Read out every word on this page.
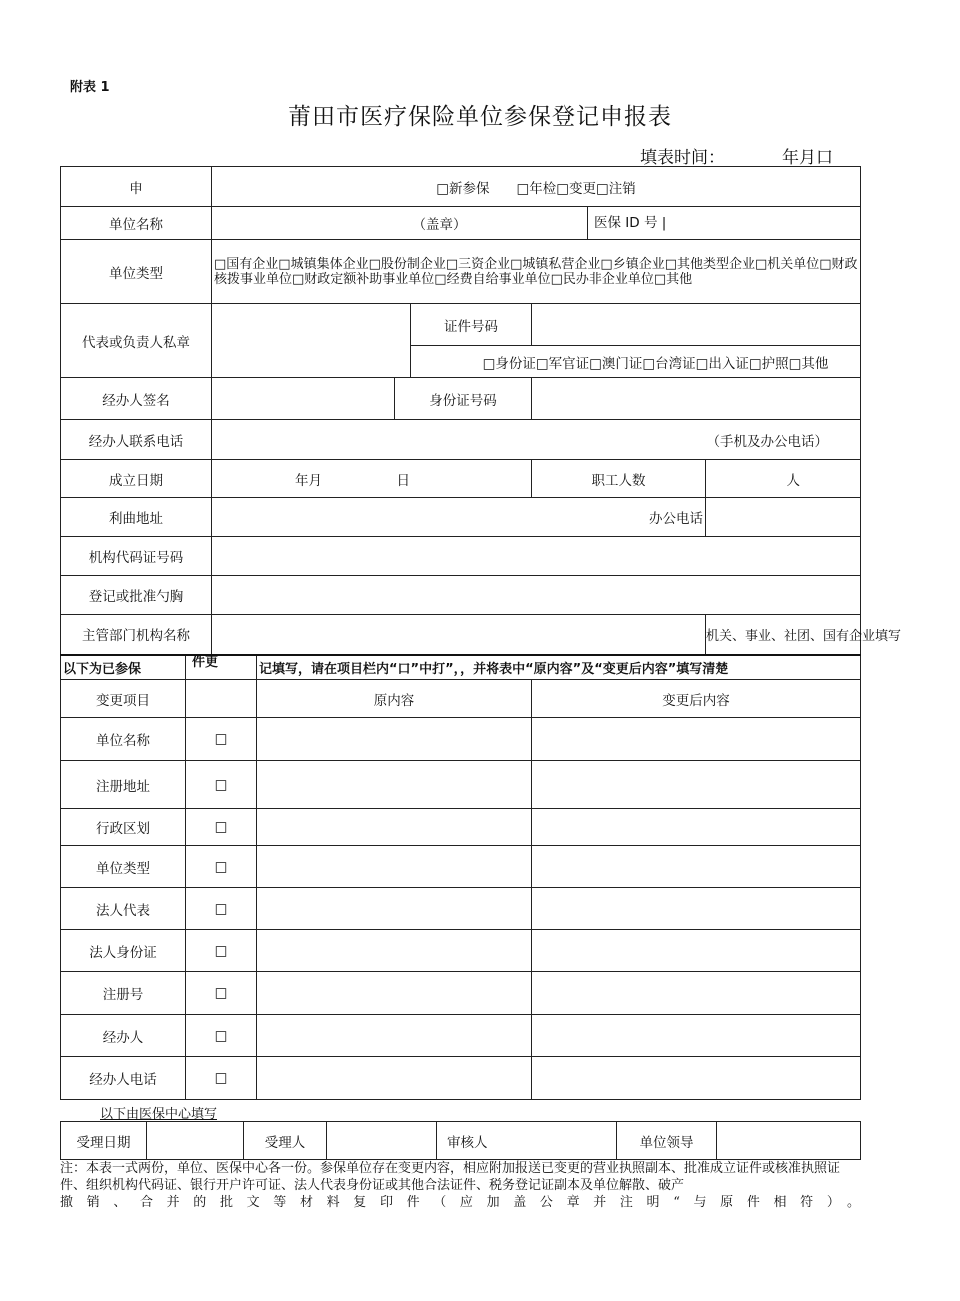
附表 1
莆田市医疗保险单位参保登记申报表
填表时间：	年月口
申		□新参保　　□年检□变更□注销						
单位名称		（盖章）					医保 ID 号 |	
单位类型		□国有企业□城镇集体企业□股份制企业□三资企业□城镇私营企业□乡镇企业□其他类型企业□机关单位□财政核拨事业单位□财政定额补助事业单位□经费自给事业单位□民办非企业单位□其他						
代表或负责人私章					证件号码			

					□身份证□军官证□澳门证□台湾证□出入证□护照□其他			
经办人签名				身份证号码				

经办人联系电话		（手机及办公电话）						
成立日期		年月 日				职工人数		人
利曲地址		办公电话						
机构代码证号码								
登记或批准勺胸								
主管部门机构名称								机关、事业、社团、国有企业填写
以下为已参保	件更		记填写，请在项目栏内“口”中打”，，并将表中“原内容”及“变更后内容”填写清楚					
变更项目			原内容			变更后内容		
单位名称	□							
注册地址	□							
行政区划	□							
单位类型	□							
法人代表	□							
法人身份证	□							
注册号	□							
经办人	□							
经办人电话	□							
以下由医保中心填写
受理日期		受理人		审核人	单位领导	
注：本表一式两份，单位、医保中心各一份。参保单位存在变更内容，相应附加报送已变更的营业执照副本、批准成立证件或核准执照证件、组织机构代码证、银行开户许可证、法人代表身份证或其他合法证件、税务登记证副本及单位解散、破产
撤销、合并的批文等材料复印件（应加盖公章并注明“与原件相符）。
